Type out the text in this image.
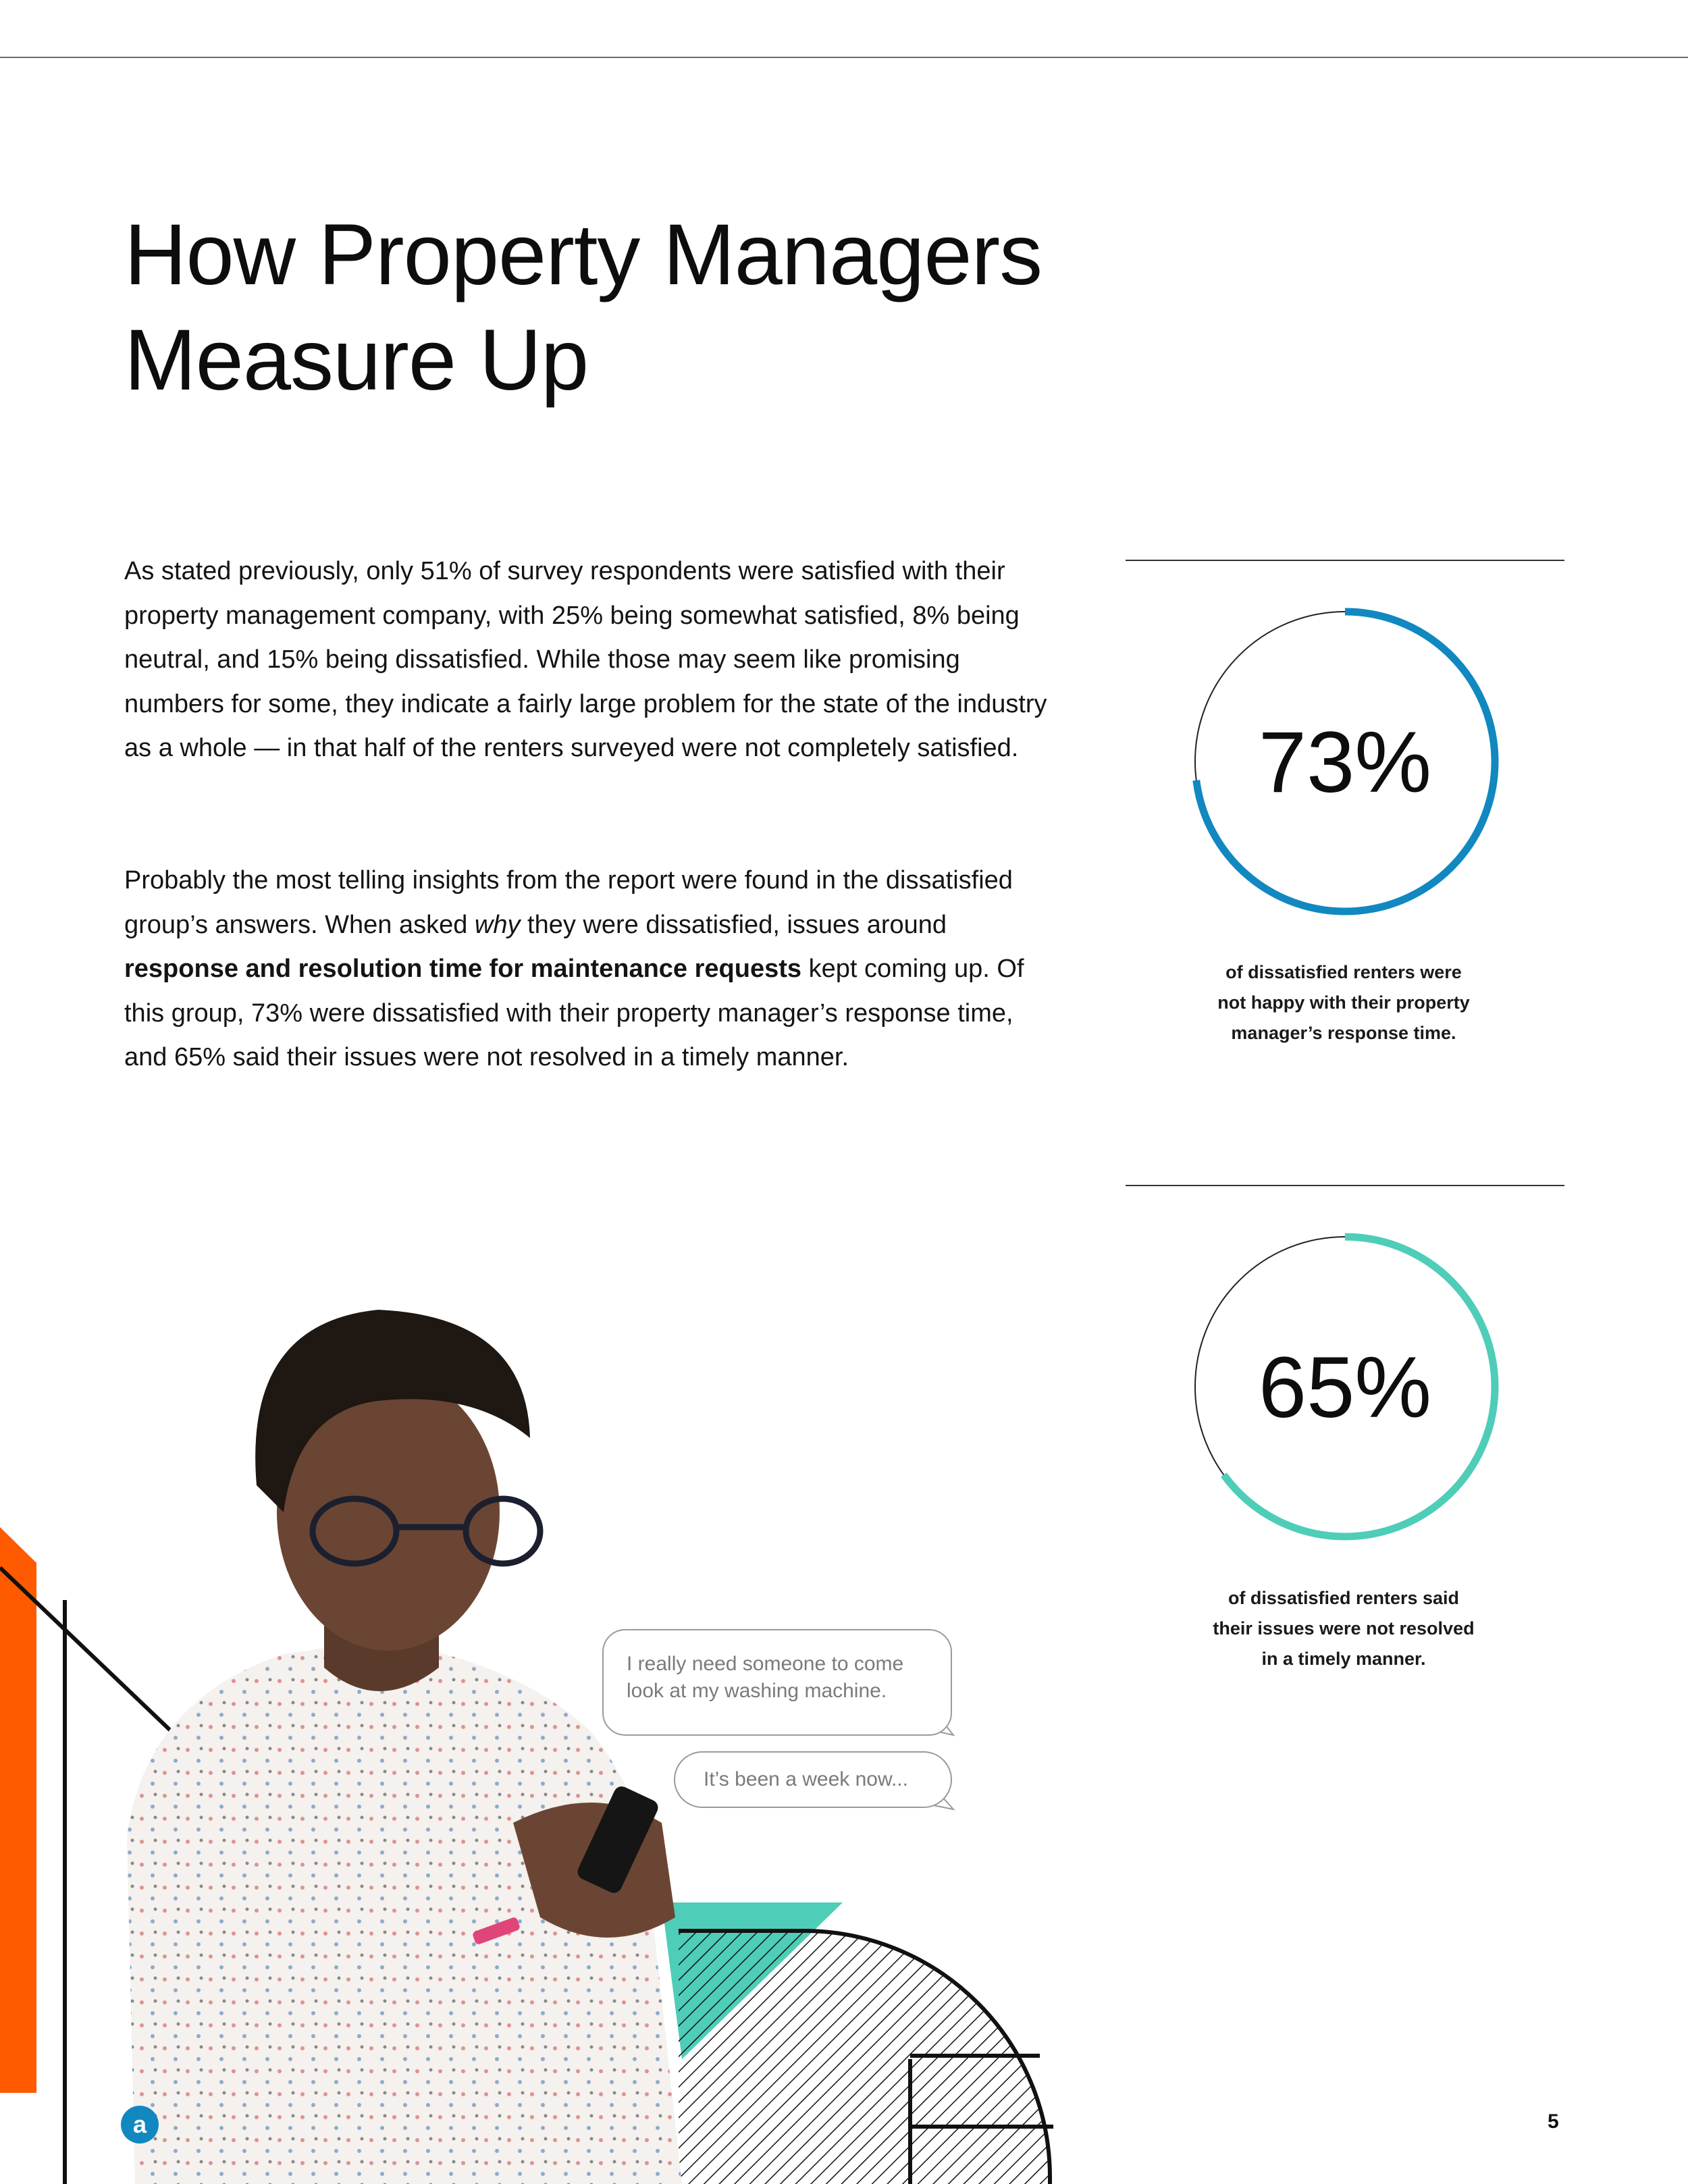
How Property Managers
Measure Up

As stated previously, only 51% of survey respondents were satisfied with their property management company, with 25% being somewhat satisfied, 8% being neutral, and 15% being dissatisfied. While those may seem like promising numbers for some, they indicate a fairly large problem for the state of the industry as a whole — in that half of the renters surveyed were not completely satisfied.

Probably the most telling insights from the report were found in the dissatisfied group’s answers. When asked why they were dissatisfied, issues around response and resolution time for maintenance requests kept coming up. Of this group, 73% were dissatisfied with their property manager’s response time, and 65% said their issues were not resolved in a timely manner.

73%

of dissatisfied renters were
not happy with their property
manager’s response time.

65%

of dissatisfied renters said
their issues were not resolved
in a timely manner.

I really need someone to come look at my washing machine.
It’s been a week now...
a	5
